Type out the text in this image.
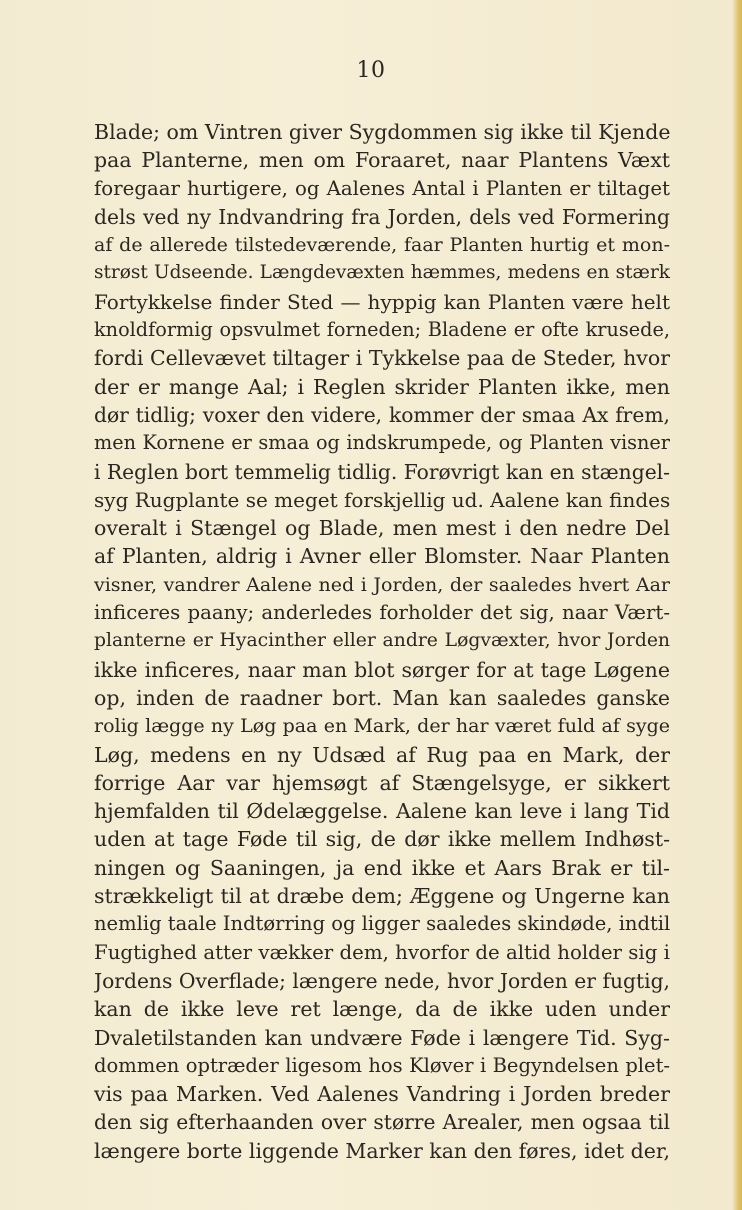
10
Blade; om Vintren giver Sygdommen sig ikke til Kjende
paa Planterne, men om Foraaret, naar Plantens Væxt
foregaar hurtigere, og Aalenes Antal i Planten er tiltaget
dels ved ny Indvandring fra Jorden, dels ved Formering
af de allerede tilstedeværende, faar Planten hurtig et mon-
strøst Udseende. Længdevæxten hæmmes, medens en stærk
Fortykkelse finder Sted — hyppig kan Planten være helt
knoldformig opsvulmet forneden; Bladene er ofte krusede,
fordi Cellevævet tiltager i Tykkelse paa de Steder, hvor
der er mange Aal; i Reglen skrider Planten ikke, men
dør tidlig; voxer den videre, kommer der smaa Ax frem,
men Kornene er smaa og indskrumpede, og Planten visner
i Reglen bort temmelig tidlig. Forøvrigt kan en stængel-
syg Rugplante se meget forskjellig ud. Aalene kan findes
overalt i Stængel og Blade, men mest i den nedre Del
af Planten, aldrig i Avner eller Blomster. Naar Planten
visner, vandrer Aalene ned i Jorden, der saaledes hvert Aar
inficeres paany; anderledes forholder det sig, naar Vært-
planterne er Hyacinther eller andre Løgvæxter, hvor Jorden
ikke inficeres, naar man blot sørger for at tage Løgene
op, inden de raadner bort. Man kan saaledes ganske
rolig lægge ny Løg paa en Mark, der har været fuld af syge
Løg, medens en ny Udsæd af Rug paa en Mark, der
forrige Aar var hjemsøgt af Stængelsyge, er sikkert
hjemfalden til Ødelæggelse. Aalene kan leve i lang Tid
uden at tage Føde til sig, de dør ikke mellem Indhøst-
ningen og Saaningen, ja end ikke et Aars Brak er til-
strækkeligt til at dræbe dem; Æggene og Ungerne kan
nemlig taale Indtørring og ligger saaledes skindøde, indtil
Fugtighed atter vækker dem, hvorfor de altid holder sig i
Jordens Overflade; længere nede, hvor Jorden er fugtig,
kan de ikke leve ret længe, da de ikke uden under
Dvaletilstanden kan undvære Føde i længere Tid. Syg-
dommen optræder ligesom hos Kløver i Begyndelsen plet-
vis paa Marken. Ved Aalenes Vandring i Jorden breder
den sig efterhaanden over større Arealer, men ogsaa til
længere borte liggende Marker kan den føres, idet der,
